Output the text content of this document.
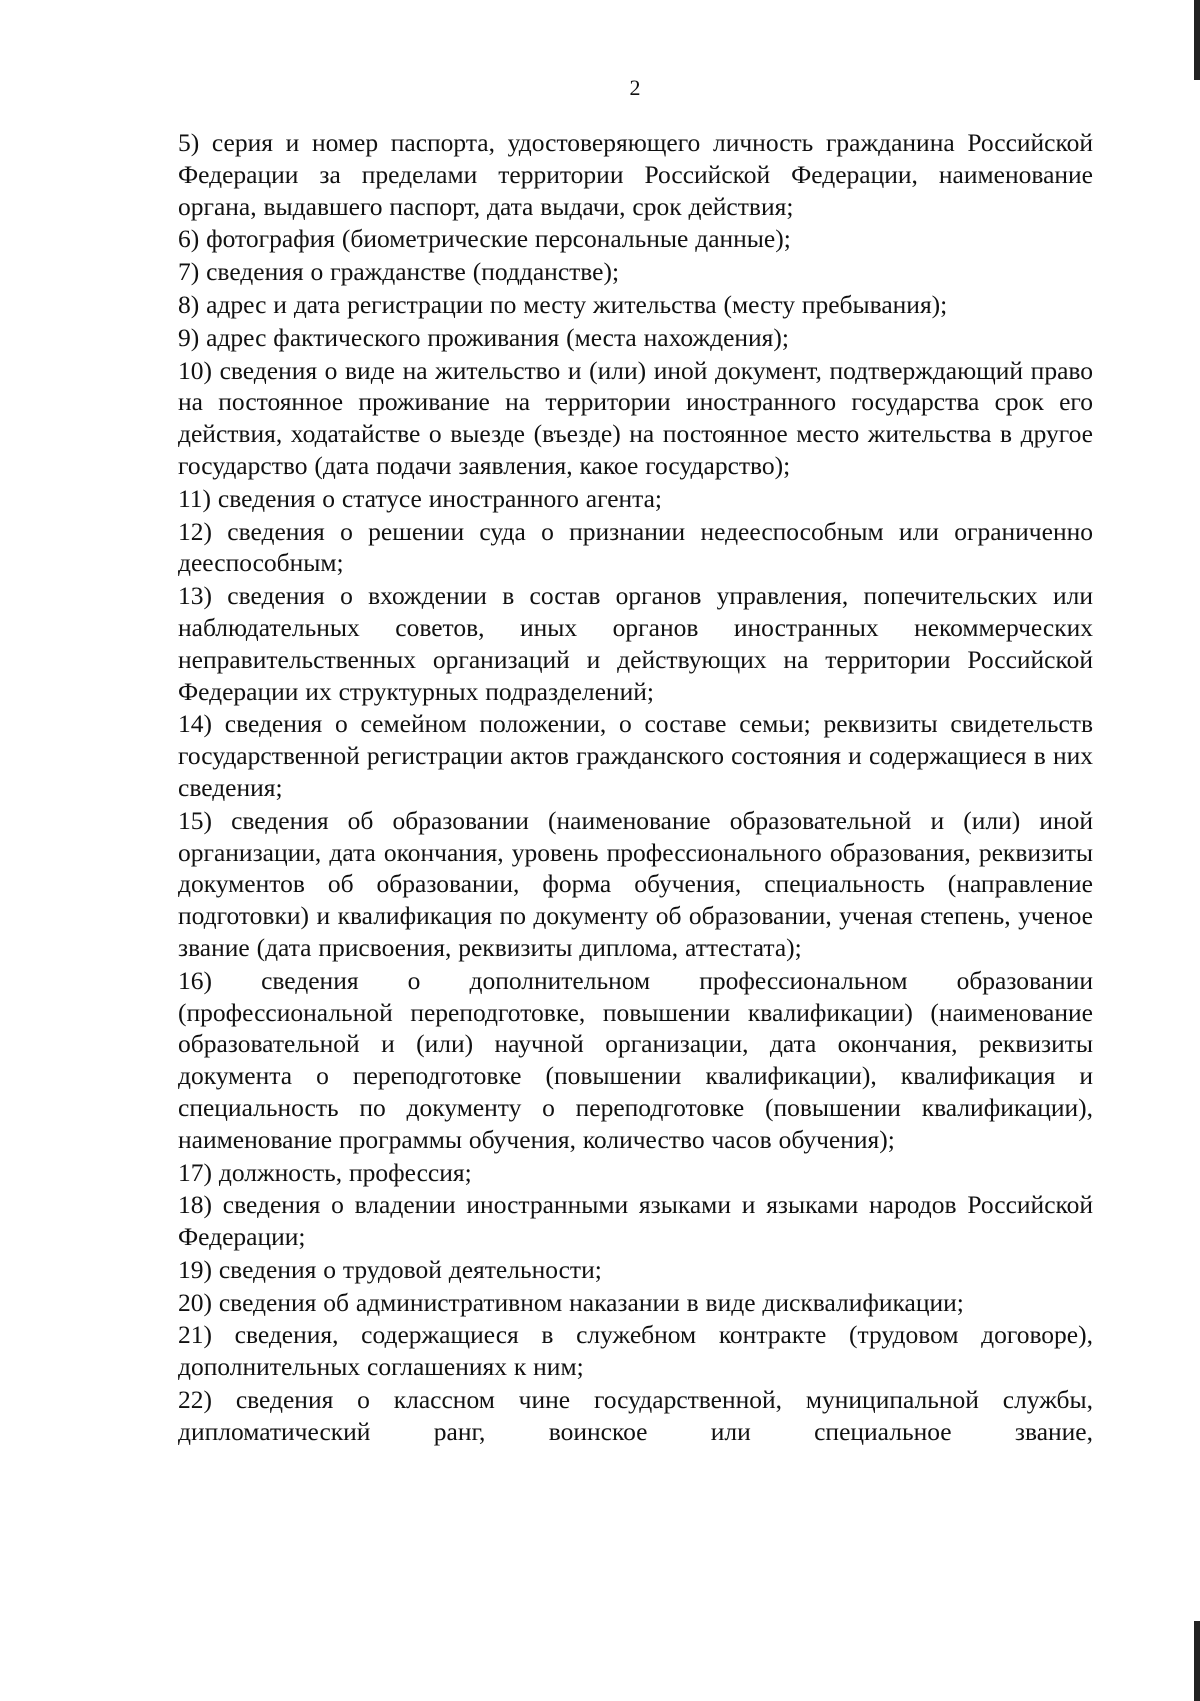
2

5) серия и номер паспорта, удостоверяющего личность гражданина Российской Федерации за пределами территории Российской Федерации, наименование органа, выдавшего паспорт, дата выдачи, срок действия;

6) фотография (биометрические персональные данные);

7) сведения о гражданстве (подданстве);

8) адрес и дата регистрации по месту жительства (месту пребывания);

9) адрес фактического проживания (места нахождения);

10) сведения о виде на жительство и (или) иной документ, подтверждающий право на постоянное проживание на территории иностранного государства срок его действия, ходатайстве о выезде (въезде) на постоянное место жительства в другое государство (дата подачи заявления, какое государство);

11) сведения о статусе иностранного агента;

12) сведения о решении суда о признании недееспособным или ограниченно дееспособным;

13) сведения о вхождении в состав органов управления, попечительских или наблюдательных советов, иных органов иностранных некоммерческих неправительственных организаций и действующих на территории Российской Федерации их структурных подразделений;

14) сведения о семейном положении, о составе семьи; реквизиты свидетельств государственной регистрации актов гражданского состояния и содержащиеся в них сведения;

15) сведения об образовании (наименование образовательной и (или) иной организации, дата окончания, уровень профессионального образования, реквизиты документов об образовании, форма обучения, специальность (направление подготовки) и квалификация по документу об образовании, ученая степень, ученое звание (дата присвоения, реквизиты диплома, аттестата);

16) сведения о дополнительном профессиональном образовании (профессиональной переподготовке, повышении квалификации) (наименование образовательной и (или) научной организации, дата окончания, реквизиты документа о переподготовке (повышении квалификации), квалификация и специальность по документу о переподготовке (повышении квалификации), наименование программы обучения, количество часов обучения);

17) должность, профессия;

18) сведения о владении иностранными языками и языками народов Российской Федерации;

19) сведения о трудовой деятельности;

20) сведения об административном наказании в виде дисквалификации;

21) сведения, содержащиеся в служебном контракте (трудовом договоре), дополнительных соглашениях к ним;

22) сведения о классном чине государственной, муниципальной службы, дипломатический ранг, воинское или специальное звание,
